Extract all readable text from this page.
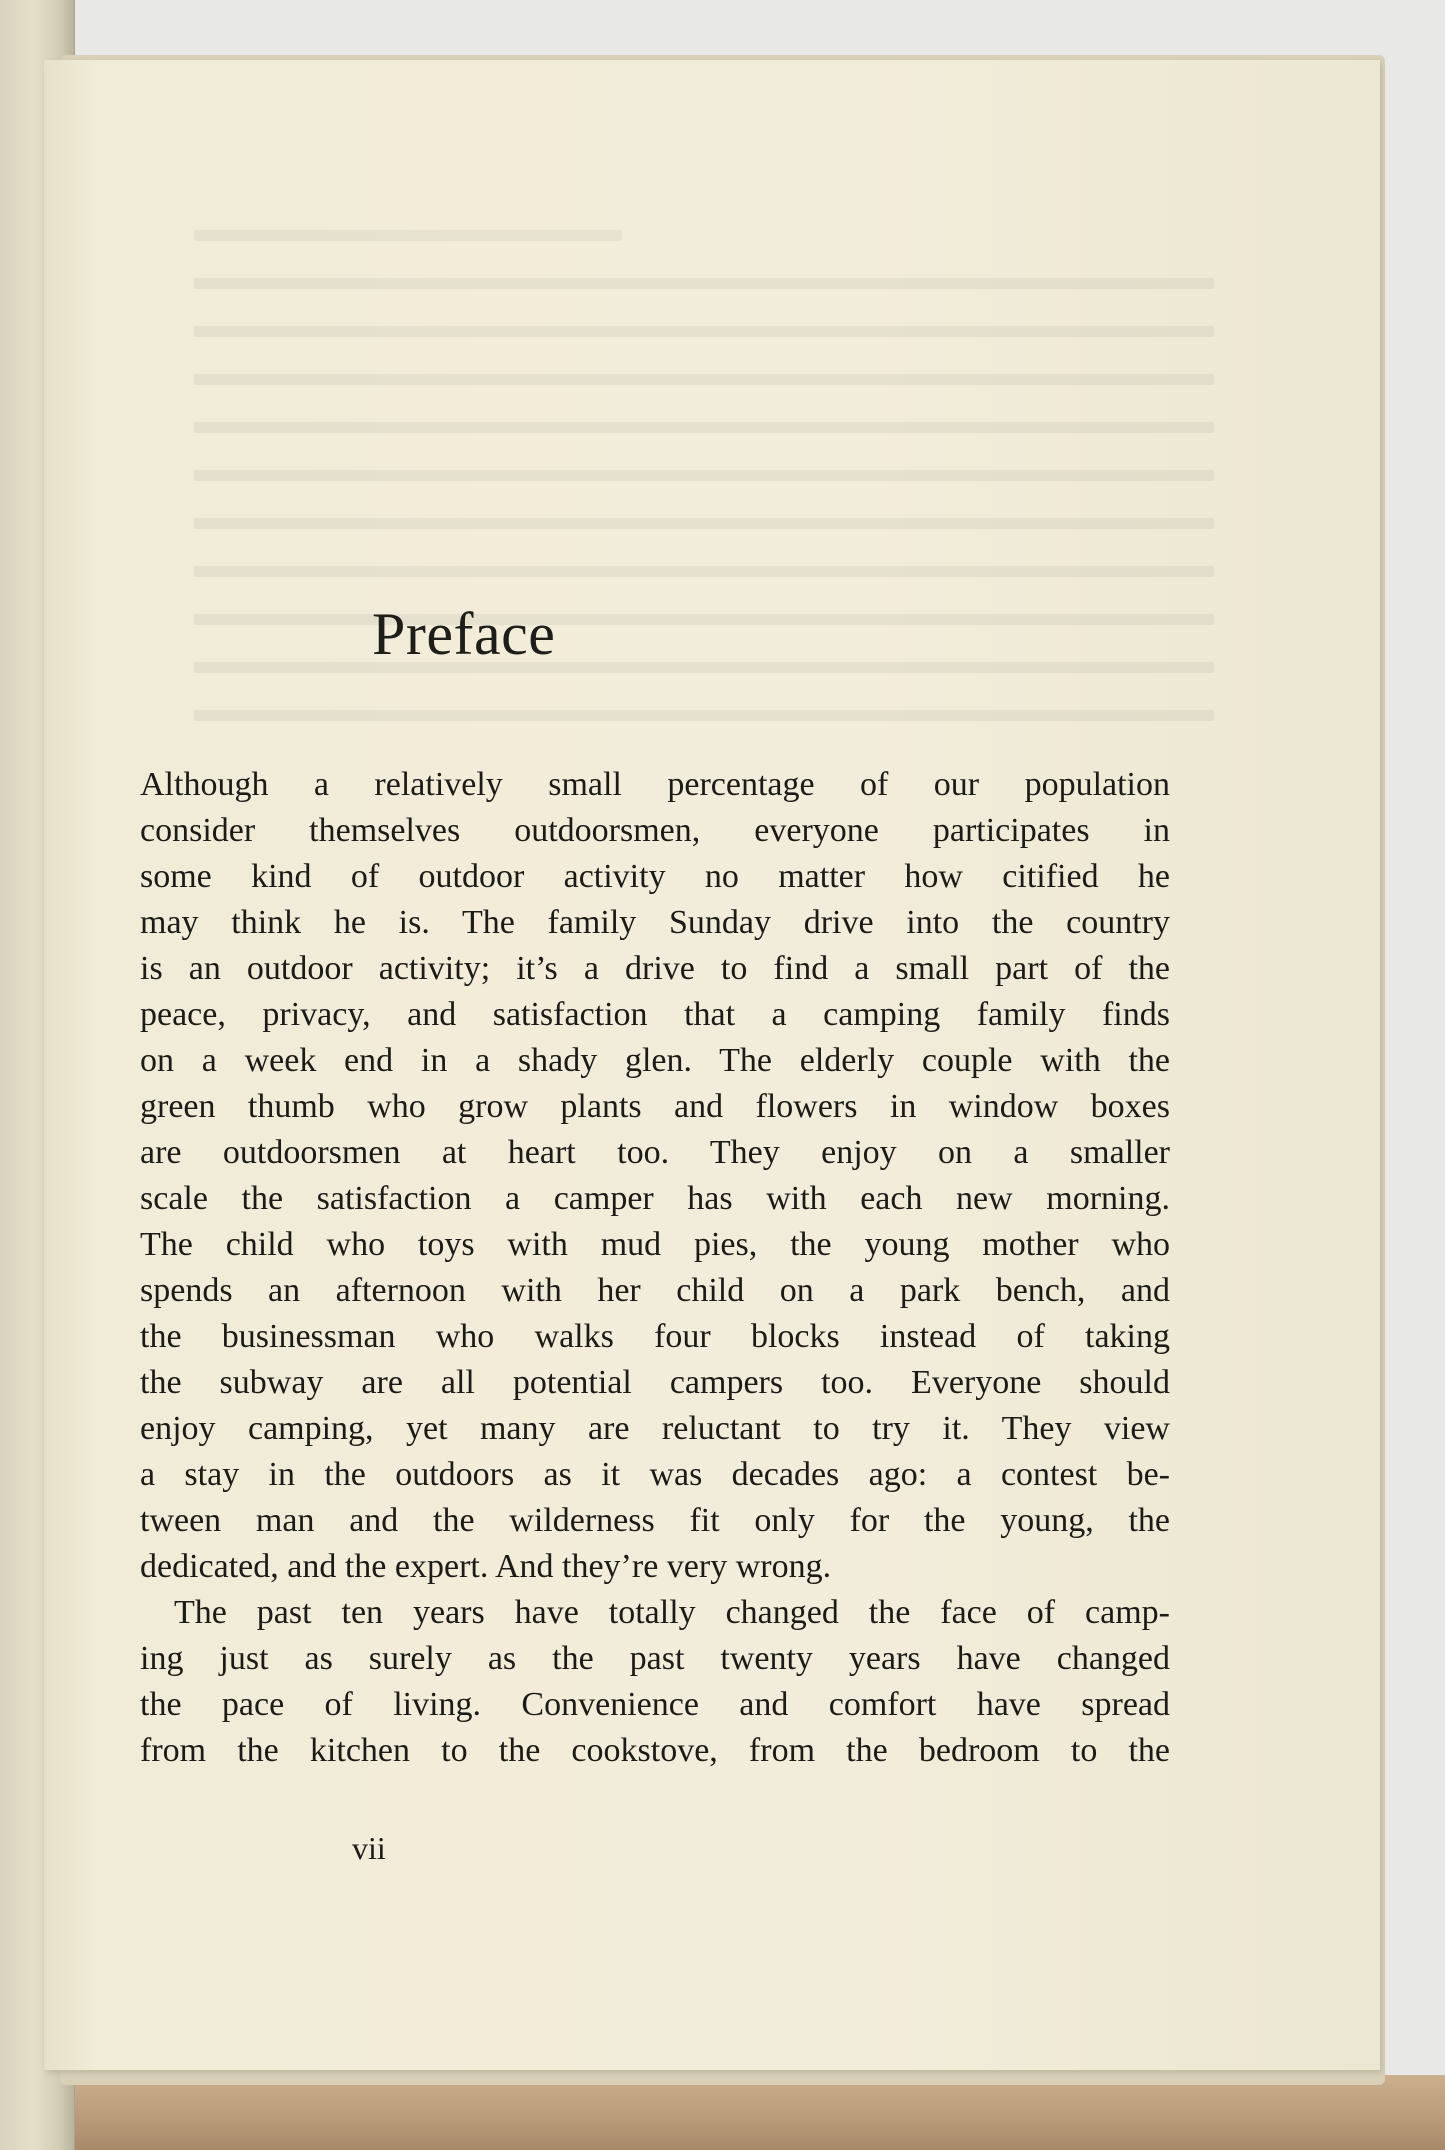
Preface
Although a relatively small percentage of our population
consider themselves outdoorsmen, everyone participates in
some kind of outdoor activity no matter how citified he
may think he is. The family Sunday drive into the country
is an outdoor activity; it’s a drive to find a small part of the
peace, privacy, and satisfaction that a camping family finds
on a week end in a shady glen. The elderly couple with the
green thumb who grow plants and flowers in window boxes
are outdoorsmen at heart too. They enjoy on a smaller
scale the satisfaction a camper has with each new morning.
The child who toys with mud pies, the young mother who
spends an afternoon with her child on a park bench, and
the businessman who walks four blocks instead of taking
the subway are all potential campers too. Everyone should
enjoy camping, yet many are reluctant to try it. They view
a stay in the outdoors as it was decades ago: a contest be-
tween man and the wilderness fit only for the young, the
dedicated, and the expert. And they’re very wrong.
The past ten years have totally changed the face of camp-
ing just as surely as the past twenty years have changed
the pace of living. Convenience and comfort have spread
from the kitchen to the cookstove, from the bedroom to the

vii
